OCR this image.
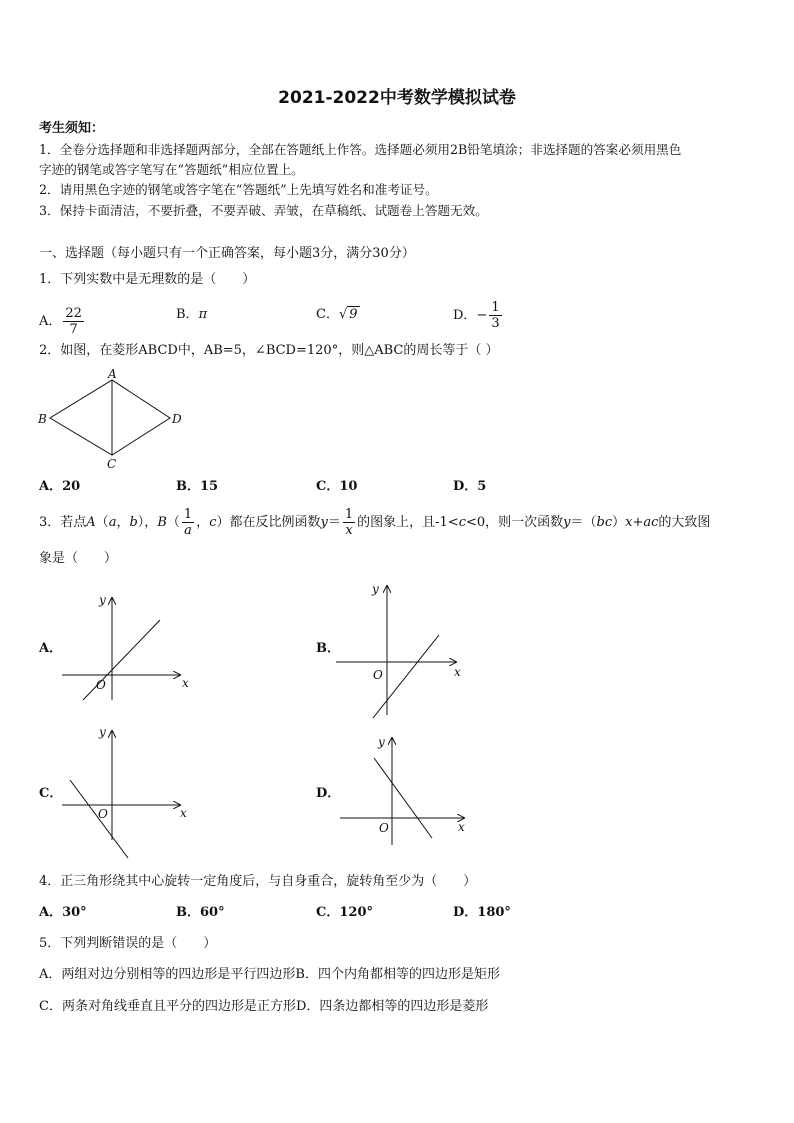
2021-2022中考数学模拟试卷
考生须知：
1．全卷分选择题和非选择题两部分，全部在答题纸上作答。选择题必须用2B铅笔填涂；非选择题的答案必须用黑色
字迹的钢笔或答字笔写在“答题纸”相应位置上。
2．请用黑色字迹的钢笔或答字笔在“答题纸”上先填写姓名和准考证号。
3．保持卡面清洁，不要折叠，不要弄破、弄皱，在草稿纸、试题卷上答题无效。
一、选择题（每小题只有一个正确答案，每小题3分，满分30分）
1．下列实数中是无理数的是（　　）
A． $\frac{22}{7}$	B．π	C．√ 9	D．− $\frac{1}{3}$
2．如图，在菱形ABCD中，AB=5，∠BCD=120°，则△ABC的周长等于（ ）
A
B
C
D
A．20	B．15	C．10	D．5
3．若点A（a，b），$B( \frac{1}{a}$ ，c）都在反比例函数$y= \frac{1}{x}$ 的图象上，且-1<c<0，则一次函数y＝（bc）x+ac的大致图
象是（　　）
A．	B．
C．	D．
x
y
O
x
y
O
x
y
O
x
y
O
4．正三角形绕其中心旋转一定角度后，与自身重合，旋转角至少为（　　）
A．30°	B．60°	C．120°	D．180°
5．下列判断错误的是（　　）
A．两组对边分别相等的四边形是平行四边形B．四个内角都相等的四边形是矩形
C．两条对角线垂直且平分的四边形是正方形D．四条边都相等的四边形是菱形
